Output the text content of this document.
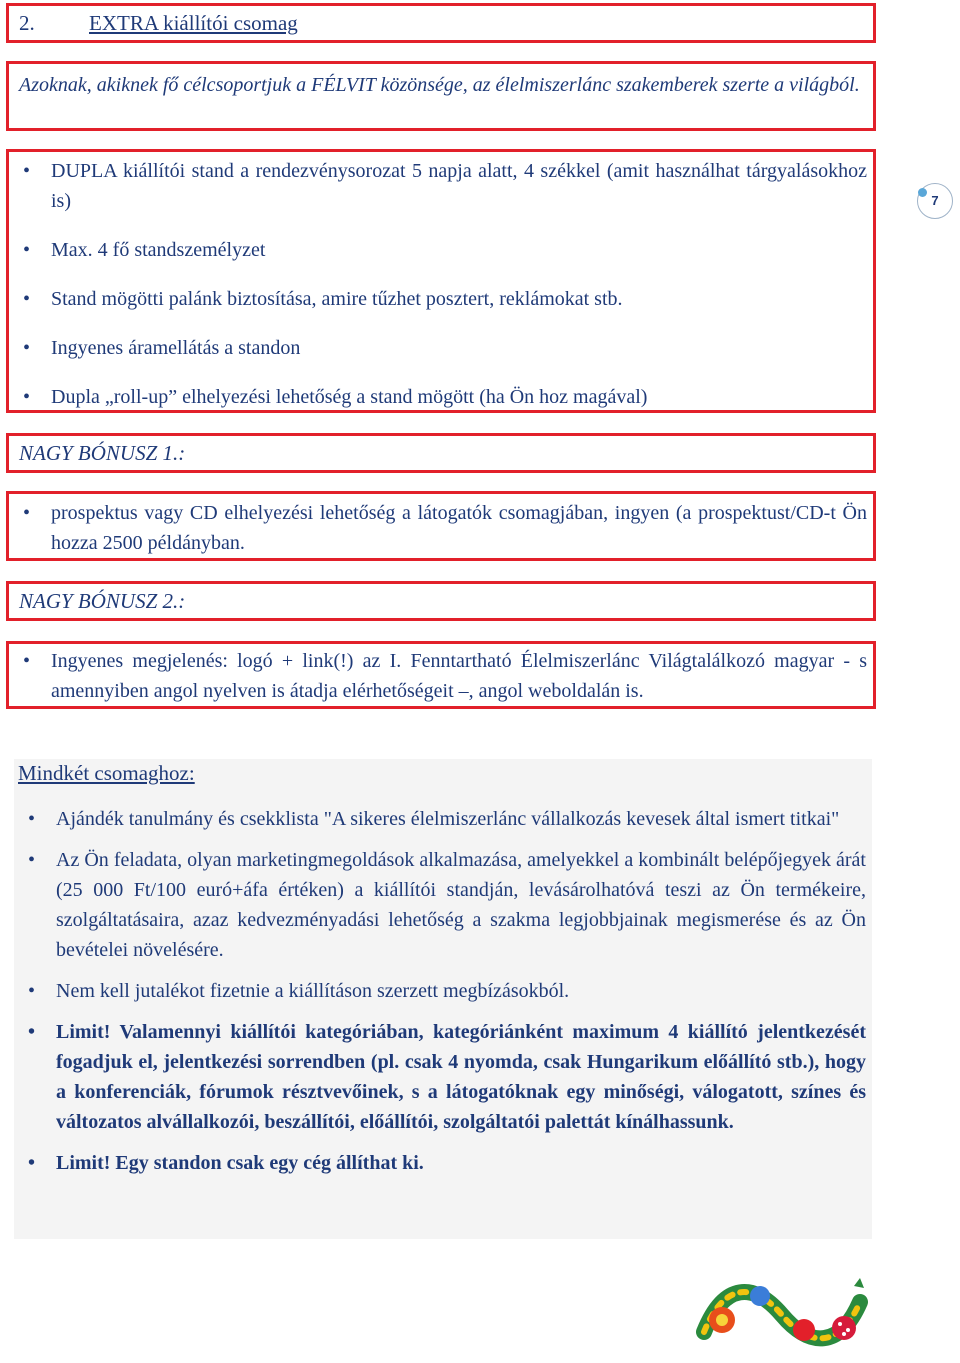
2.	EXTRA kiállítói csomag

Azoknak, akiknek fő célcsoportjuk a FÉLVIT közönsége, az élelmiszerlánc szakemberek szerte a világból.

• DUPLA kiállítói stand a rendezvénysorozat 5 napja alatt, 4 székkel (amit használhat tárgyalásokhoz is)
• Max. 4 fő standszemélyzet
• Stand mögötti palánk biztosítása, amire tűzhet posztert, reklámokat stb.
• Ingyenes áramellátás a standon
• Dupla „roll-up” elhelyezési lehetőség a stand mögött (ha Ön hoz magával)
7
NAGY BÓNUSZ 1.:
• prospektus vagy CD elhelyezési lehetőség a látogatók csomagjában, ingyen (a prospektust/CD-t Ön hozza 2500 példányban.
NAGY BÓNUSZ 2.:
• Ingyenes megjelenés: logó + link(!) az I. Fenntartható Élelmiszerlánc Világtalálkozó magyar - s amennyiben angol nyelven is átadja elérhetőségeit –, angol weboldalán is.
Mindkét csomaghoz:
• Ajándék tanulmány és csekklista "A sikeres élelmiszerlánc vállalkozás kevesek által ismert titkai"
• Az Ön feladata, olyan marketingmegoldások alkalmazása, amelyekkel a kombinált belépőjegyek árát (25 000 Ft/100 euró+áfa értéken) a kiállítói standján, levásárolhatóvá teszi az Ön termékeire, szolgáltatásaira, azaz kedvezményadási lehetőség a szakma legjobbjainak megismerése és az Ön bevételei növelésére.
• Nem kell jutalékot fizetnie a kiállításon szerzett megbízásokból.
• Limit! Valamennyi kiállítói kategóriában, kategóriánként maximum 4 kiállító jelentkezését fogadjuk el, jelentkezési sorrendben (pl. csak 4 nyomda, csak Hungarikum előállító stb.), hogy a konferenciák, fórumok résztvevőinek, s a látogatóknak egy minőségi, válogatott, színes és változatos alvállalkozói, beszállítói, előállítói, szolgáltatói palettát kínálhassunk.
• Limit! Egy standon csak egy cég állíthat ki.
